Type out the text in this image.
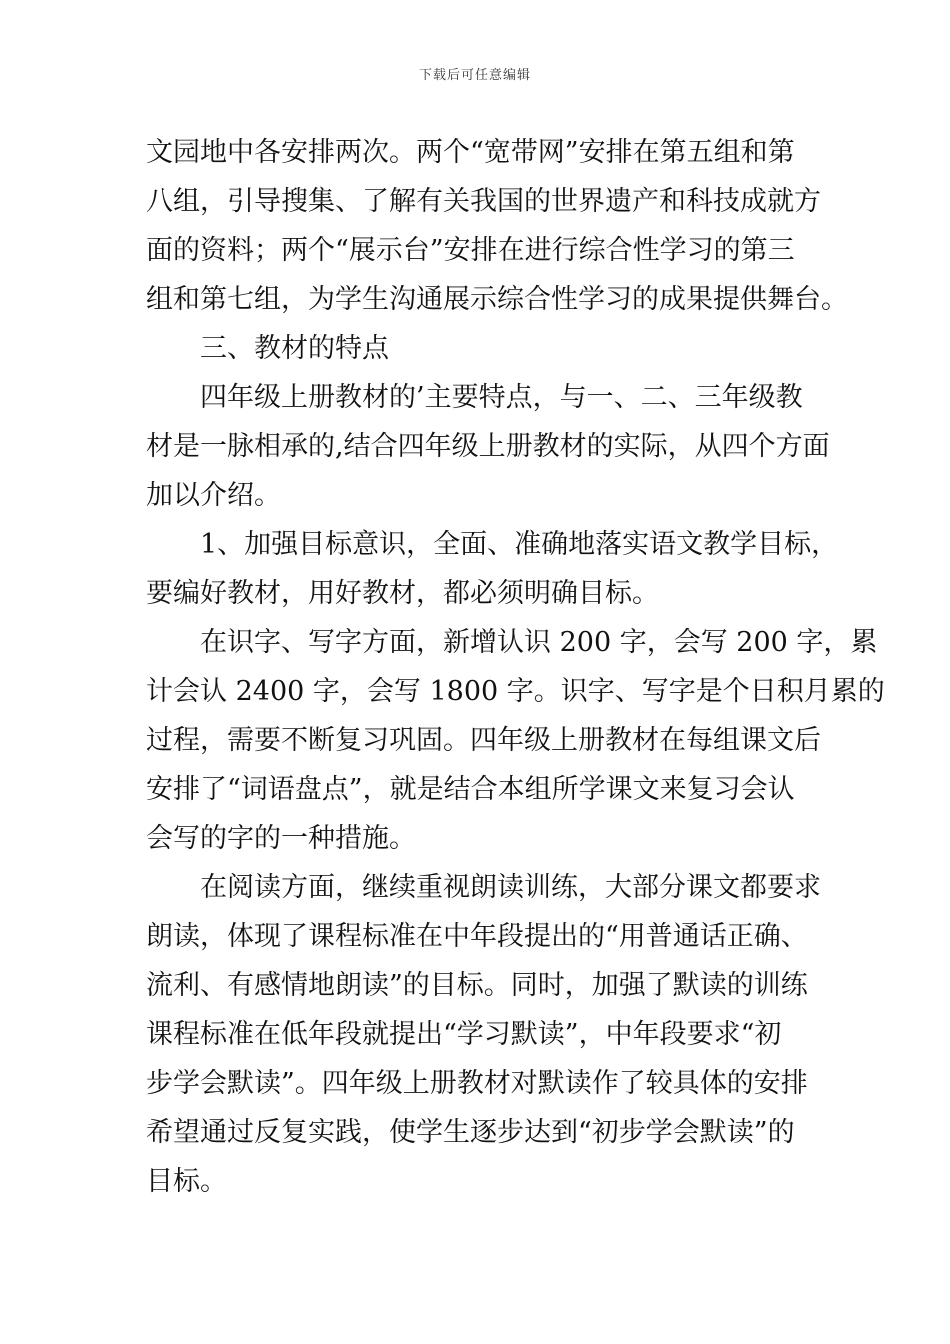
下载后可任意编辑
文园地中各安排两次。两个“宽带网”安排在第五组和第
八组，引导搜集、了解有关我国的世界遗产和科技成就方
面的资料；两个“展示台”安排在进行综合性学习的第三
组和第七组，为学生沟通展示综合性学习的成果提供舞台。
三、教材的特点
四年级上册教材的’主要特点，与一、二、三年级教
材是一脉相承的,结合四年级上册教材的实际，从四个方面
加以介绍。
1、加强目标意识，全面、准确地落实语文教学目标，
要编好教材，用好教材，都必须明确目标。
在识字、写字方面，新增认识 200 字，会写 200 字，累
计会认 2400 字，会写 1800 字。识字、写字是个日积月累的
过程，需要不断复习巩固。四年级上册教材在每组课文后
安排了“词语盘点”，就是结合本组所学课文来复习会认
会写的字的一种措施。
在阅读方面，继续重视朗读训练，大部分课文都要求
朗读，体现了课程标准在中年段提出的“用普通话正确、
流利、有感情地朗读”的目标。同时，加强了默读的训练
课程标准在低年段就提出“学习默读”，中年段要求“初
步学会默读”。四年级上册教材对默读作了较具体的安排
希望通过反复实践，使学生逐步达到“初步学会默读”的
目标。
